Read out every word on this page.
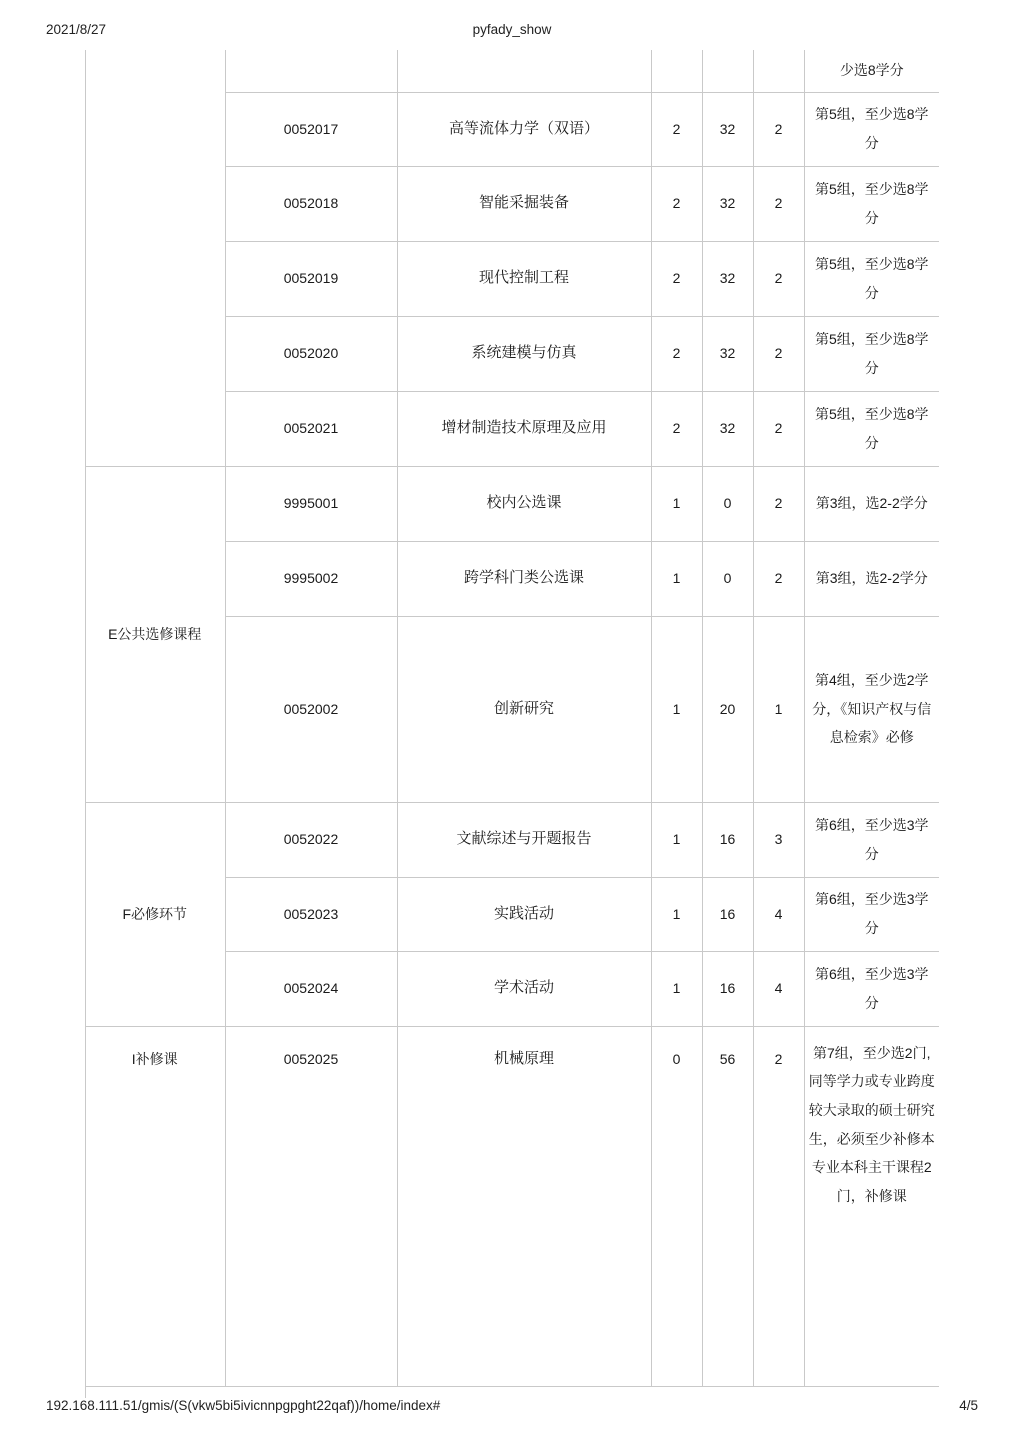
2021/8/27	pyfady_show
						少选8学分
	0052017	高等流体力学（双语）	2	32	2	第5组，至少选8学分
	0052018	智能采掘装备	2	32	2	第5组，至少选8学分
	0052019	现代控制工程	2	32	2	第5组，至少选8学分
	0052020	系统建模与仿真	2	32	2	第5组，至少选8学分
	0052021	增材制造技术原理及应用	2	32	2	第5组，至少选8学分
E公共选修课程	9995001	校内公选课	1	0	2	第3组，选2-2学分
	9995002	跨学科门类公选课	1	0	2	第3组，选2-2学分
	0052002	创新研究	1	20	1	第4组，至少选2学分，《知识产权与信息检索》必修
F必修环节	0052022	文献综述与开题报告	1	16	3	第6组，至少选3学分
	0052023	实践活动	1	16	4	第6组，至少选3学分
	0052024	学术活动	1	16	4	第6组，至少选3学分
I补修课	0052025	机械原理	0	56	2	第7组，至少选2门,同等学力或专业跨度较大录取的硕士研究生，必须至少补修本专业本科主干课程2门，补修课
192.168.111.51/gmis/(S(vkw5bi5ivicnnpgpght22qaf))/home/index#	4/5
